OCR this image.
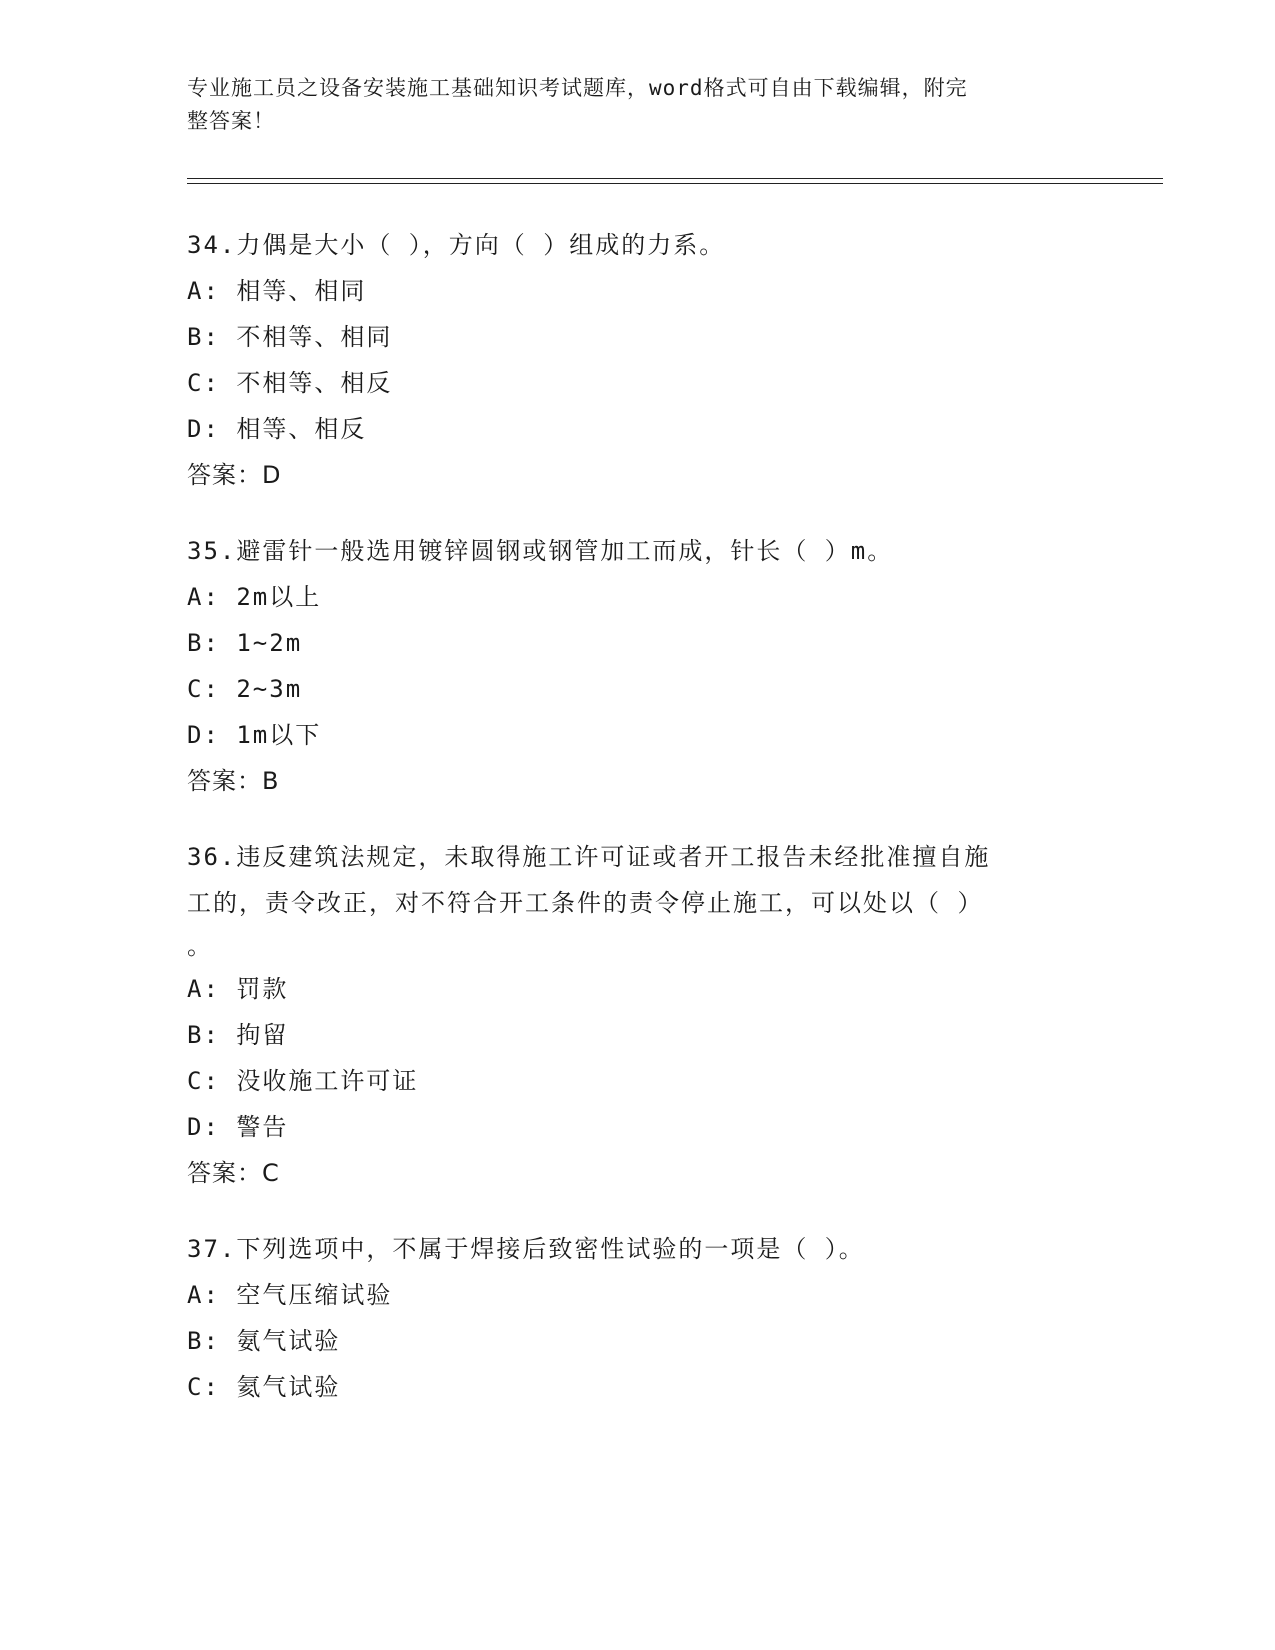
专业施工员之设备安装施工基础知识考试题库，word格式可自由下载编辑，附完
整答案！

34.力偶是大小（ ），方向（ ）组成的力系。

A: 相等、相同

B: 不相等、相同

C: 不相等、相反

D: 相等、相反

答案：D

35.避雷针一般选用镀锌圆钢或钢管加工而成，针长（ ）m。

A: 2m以上

B: 1~2m

C: 2~3m

D: 1m以下

答案：B

36.违反建筑法规定，未取得施工许可证或者开工报告未经批准擅自施

工的，责令改正，对不符合开工条件的责令停止施工，可以处以（ ）

。

A: 罚款

B: 拘留

C: 没收施工许可证

D: 警告

答案：C

37.下列选项中，不属于焊接后致密性试验的一项是（ ）。

A: 空气压缩试验

B: 氨气试验

C: 氦气试验
